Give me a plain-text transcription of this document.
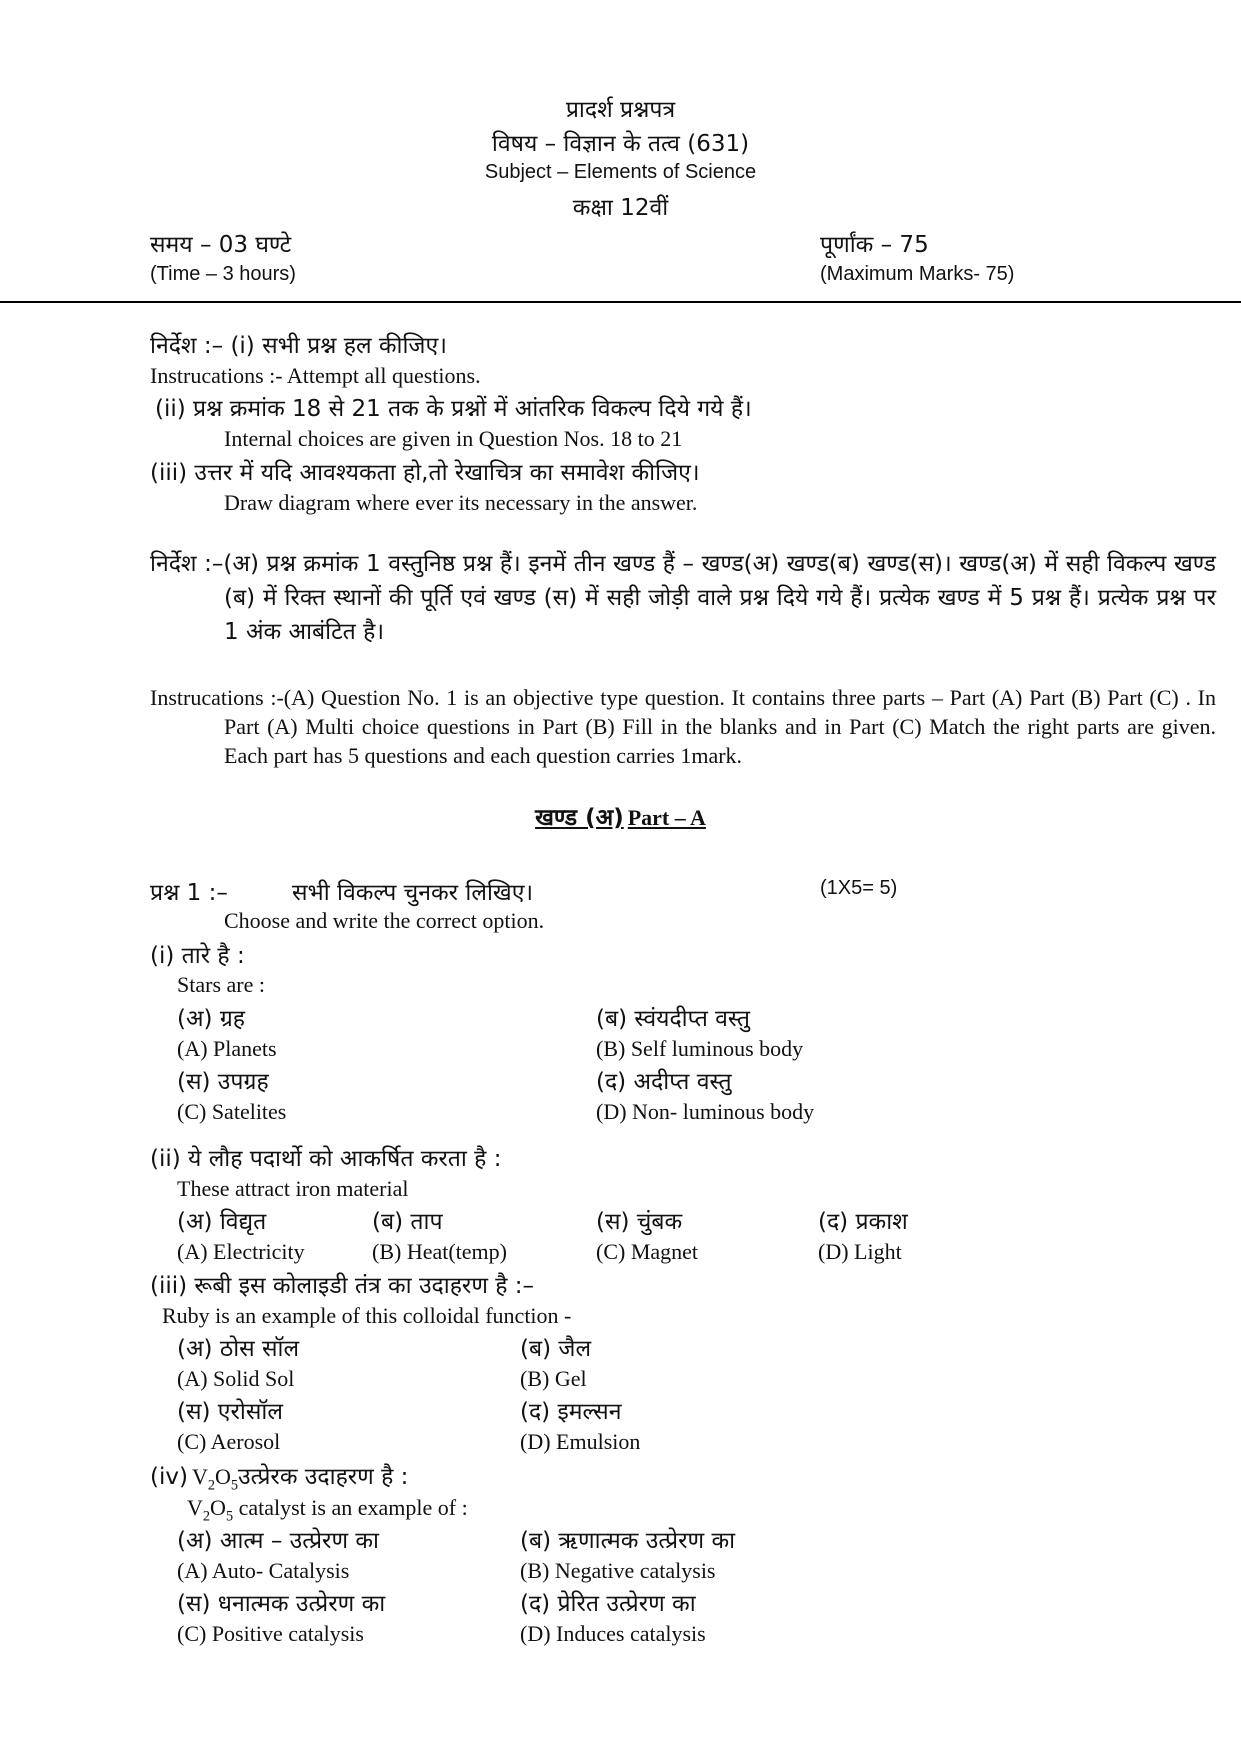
प्रादर्श प्रश्नपत्र
विषय – विज्ञान के तत्व (631)
Subject – Elements of Science
कक्षा 12वीं
समय – 03 घण्टे
(Time – 3 hours)
पूर्णांक – 75
(Maximum Marks- 75)
निर्देश :– (i) सभी प्रश्न हल कीजिए।
Instrucations :- Attempt all questions.
(ii) प्रश्न क्रमांक 18 से 21 तक के प्रश्नों में आंतरिक विकल्प दिये गये हैं।
Internal choices are given in Question Nos. 18 to 21
(iii) उत्तर में यदि आवश्यकता हो,तो रेखाचित्र का समावेश कीजिए।
Draw diagram where ever its necessary in the answer.
निर्देश :–(अ) प्रश्न क्रमांक 1 वस्तुनिष्ठ प्रश्न हैं। इनमें तीन खण्ड हैं – खण्ड(अ) खण्ड(ब) खण्ड(स)। खण्ड(अ) में सही विकल्प खण्ड (ब) में रिक्त स्थानों की पूर्ति एवं खण्ड (स) में सही जोड़ी वाले प्रश्न दिये गये हैं। प्रत्येक खण्ड में 5 प्रश्न हैं। प्रत्येक प्रश्न पर 1 अंक आबंटित है।
Instrucations :-(A) Question No. 1 is an objective type question. It contains three parts – Part (A) Part (B) Part (C) . In Part (A) Multi choice questions in Part (B) Fill in the blanks and in Part (C) Match the right parts are given. Each part has 5 questions and each question carries 1mark.
खण्ड (अ) Part – A
प्रश्न 1 :–	सभी विकल्प चुनकर लिखिए।	(1X5= 5)
Choose and write the correct option.
(i) तारे है :
Stars are :
(अ) ग्रह
(A) Planets
(ब) स्वंयदीप्त वस्तु
(B) Self luminous body
(स) उपग्रह
(C) Satelites
(द) अदीप्त वस्तु
(D) Non- luminous body
(ii) ये लौह पदार्थो को आकर्षित करता है :
These attract iron material
(अ) विद्यृत
(A) Electricity
(ब) ताप
(B) Heat(temp)
(स) चुंबक
(C) Magnet
(द) प्रकाश
(D) Light
(iii) रूबी इस कोलाइडी तंत्र का उदाहरण है :–
Ruby is an example of this colloidal function -
(अ) ठोस सॉल
(A) Solid Sol
(ब) जैल
(B) Gel
(स) एरोसॉल
(C) Aerosol
(द) इमल्सन
(D) Emulsion
(iv) $V_2O_5उत्प्रेरक$ उदाहरण है :
$V_2O_5$ catalyst is an example of :
(अ) आत्म – उत्प्रेरण का
(A) Auto- Catalysis
(ब) ऋणात्मक उत्प्रेरण का
(B) Negative catalysis
(स) धनात्मक उत्प्रेरण का
(C) Positive catalysis
(द) प्रेरित उत्प्रेरण का
(D) Induces catalysis
